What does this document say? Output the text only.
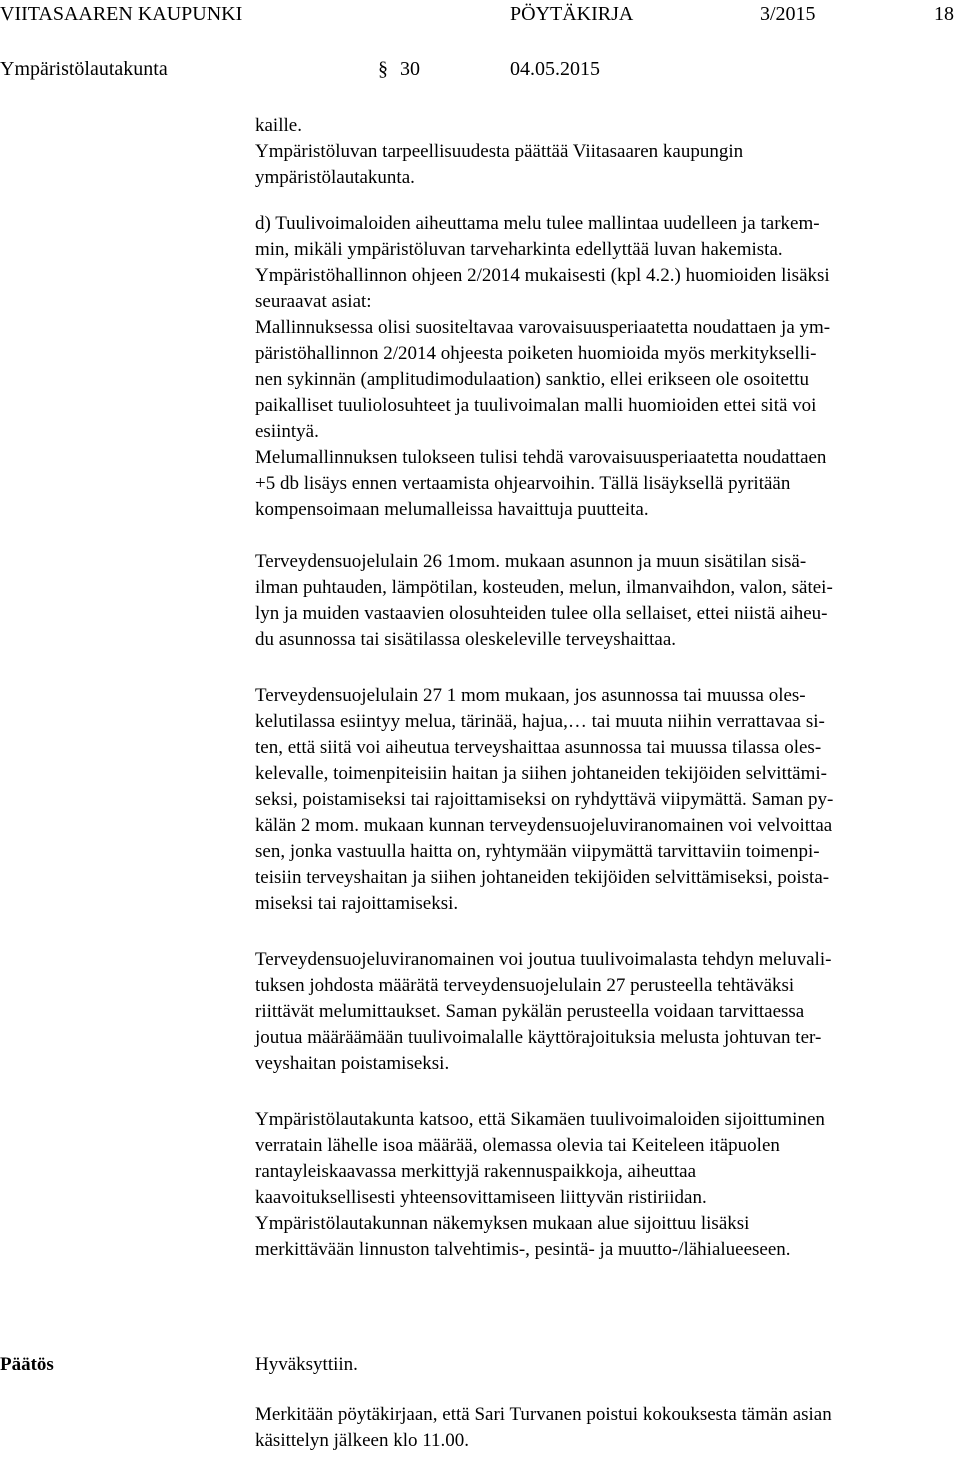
VIITASAAREN KAUPUNKI	PÖYTÄKIRJA	3/2015	18
Ympäristölautakunta	§ 30	04.05.2015

kaille.
Ympäristöluvan tarpeellisuudesta päättää Viitasaaren kaupungin
ympäristölautakunta.

d) Tuulivoimaloiden aiheuttama melu tulee mallintaa uudelleen ja tarkem-
min, mikäli ympäristöluvan tarveharkinta edellyttää luvan hakemista.
Ympäristöhallinnon ohjeen 2/2014 mukaisesti (kpl 4.2.) huomioiden lisäksi
seuraavat asiat:
Mallinnuksessa olisi suositeltavaa varovaisuusperiaatetta noudattaen ja ym-
päristöhallinnon 2/2014 ohjeesta poiketen huomioida myös merkitykselli-
nen sykinnän (amplitudimodulaation) sanktio, ellei erikseen ole osoitettu
paikalliset tuuliolosuhteet ja tuulivoimalan malli huomioiden ettei sitä voi
esiintyä.
Melumallinnuksen tulokseen tulisi tehdä varovaisuusperiaatetta noudattaen
+5 db lisäys ennen vertaamista ohjearvoihin. Tällä lisäyksellä pyritään
kompensoimaan melumalleissa havaittuja puutteita.

Terveydensuojelulain 26 1mom. mukaan asunnon ja muun sisätilan sisä-
ilman puhtauden, lämpötilan, kosteuden, melun, ilmanvaihdon, valon, sätei-
lyn ja muiden vastaavien olosuhteiden tulee olla sellaiset, ettei niistä aiheu-
du asunnossa tai sisätilassa oleskeleville terveyshaittaa.

Terveydensuojelulain 27 1 mom mukaan, jos asunnossa tai muussa oles-
kelutilassa esiintyy melua, tärinää, hajua,… tai muuta niihin verrattavaa si-
ten, että siitä voi aiheutua terveyshaittaa asunnossa tai muussa tilassa oles-
kelevalle, toimenpiteisiin haitan ja siihen johtaneiden tekijöiden selvittämi-
seksi, poistamiseksi tai rajoittamiseksi on ryhdyttävä viipymättä. Saman py-
kälän 2 mom. mukaan kunnan terveydensuojeluviranomainen voi velvoittaa
sen, jonka vastuulla haitta on, ryhtymään viipymättä tarvittaviin toimenpi-
teisiin terveyshaitan ja siihen johtaneiden tekijöiden selvittämiseksi, poista-
miseksi tai rajoittamiseksi.

Terveydensuojeluviranomainen voi joutua tuulivoimalasta tehdyn meluvali-
tuksen johdosta määrätä terveydensuojelulain 27 perusteella tehtäväksi
riittävät melumittaukset. Saman pykälän perusteella voidaan tarvittaessa
joutua määräämään tuulivoimalalle käyttörajoituksia melusta johtuvan ter-
veyshaitan poistamiseksi.

Ympäristölautakunta katsoo, että Sikamäen tuulivoimaloiden sijoittuminen
verratain lähelle isoa määrää, olemassa olevia tai Keiteleen itäpuolen
rantayleiskaavassa merkittyjä rakennuspaikkoja, aiheuttaa
kaavoituksellisesti yhteensovittamiseen liittyvän ristiriidan.
Ympäristölautakunnan näkemyksen mukaan alue sijoittuu lisäksi
merkittävään linnuston talvehtimis-, pesintä- ja muutto-/lähialueeseen.

Päätös	Hyväksyttiin.

Merkitään pöytäkirjaan, että Sari Turvanen poistui kokouksesta tämän asian
käsittelyn jälkeen klo 11.00.
